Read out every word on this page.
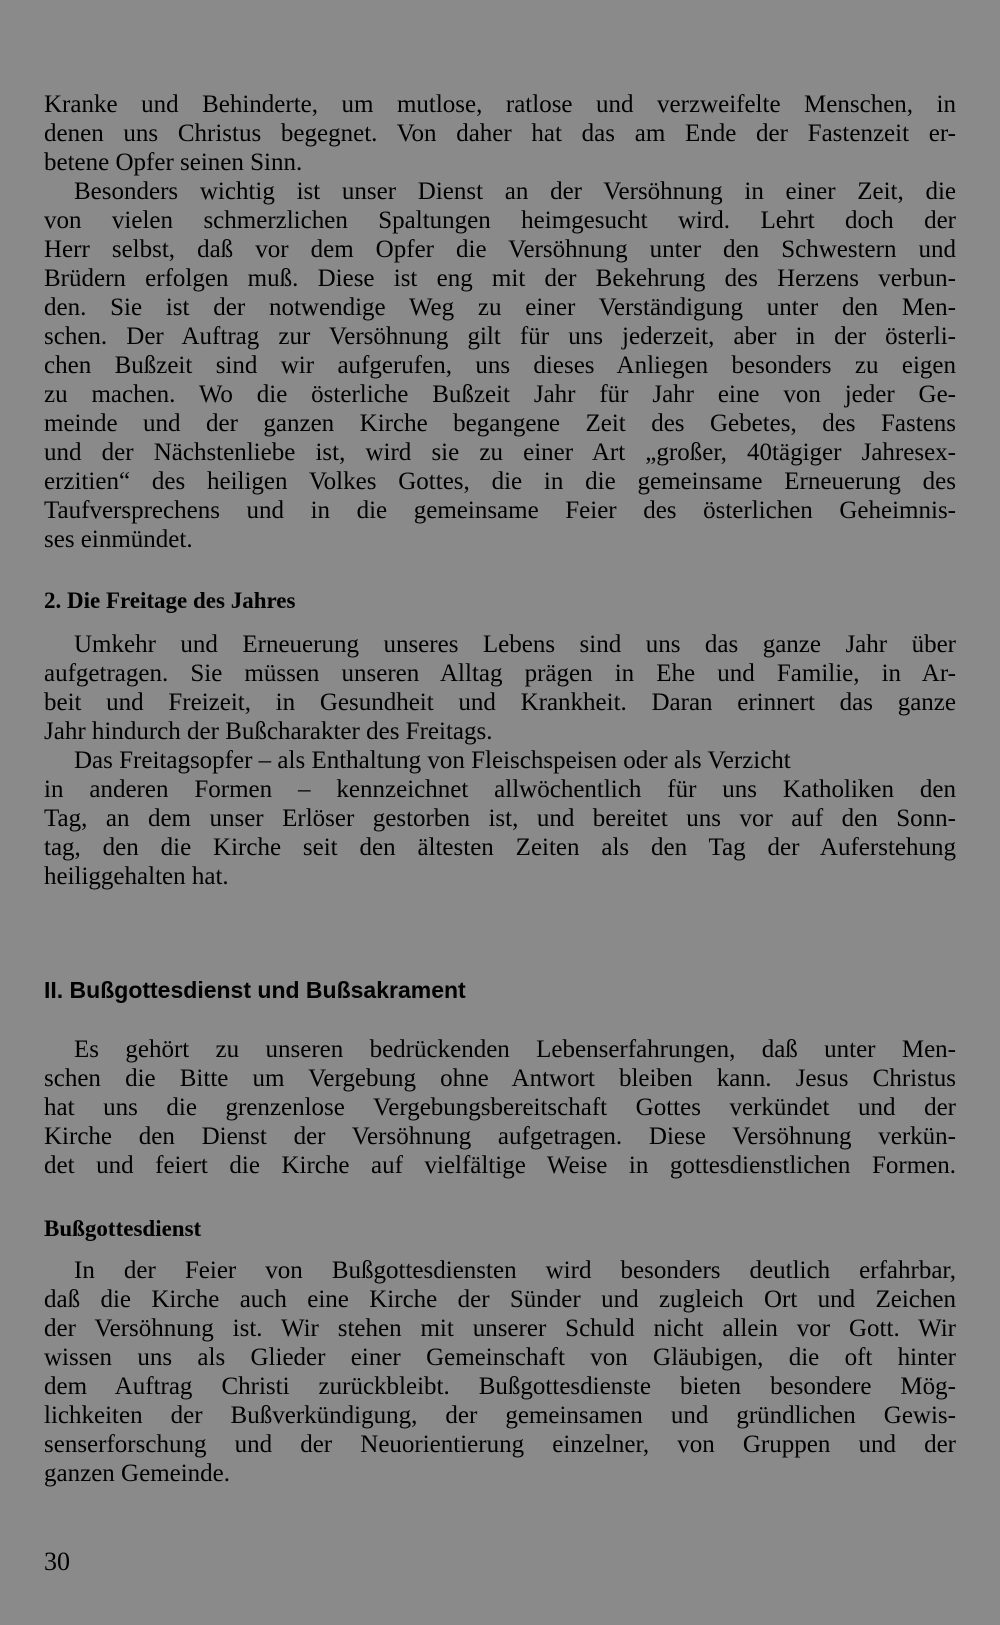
Kranke und Behinderte, um mutlose, ratlose und verzweifelte Menschen, in
denen uns Christus begegnet. Von daher hat das am Ende der Fastenzeit er-
betene Opfer seinen Sinn.
Besonders wichtig ist unser Dienst an der Versöhnung in einer Zeit, die
von vielen schmerzlichen Spaltungen heimgesucht wird. Lehrt doch der
Herr selbst, daß vor dem Opfer die Versöhnung unter den Schwestern und
Brüdern erfolgen muß. Diese ist eng mit der Bekehrung des Herzens verbun-
den. Sie ist der notwendige Weg zu einer Verständigung unter den Men-
schen. Der Auftrag zur Versöhnung gilt für uns jederzeit, aber in der österli-
chen Bußzeit sind wir aufgerufen, uns dieses Anliegen besonders zu eigen
zu machen. Wo die österliche Bußzeit Jahr für Jahr eine von jeder Ge-
meinde und der ganzen Kirche begangene Zeit des Gebetes, des Fastens
und der Nächstenliebe ist, wird sie zu einer Art „großer, 40tägiger Jahresex-
erzitien“ des heiligen Volkes Gottes, die in die gemeinsame Erneuerung des
Taufversprechens und in die gemeinsame Feier des österlichen Geheimnis-
ses einmündet.
2. Die Freitage des Jahres
Umkehr und Erneuerung unseres Lebens sind uns das ganze Jahr über
aufgetragen. Sie müssen unseren Alltag prägen in Ehe und Familie, in Ar-
beit und Freizeit, in Gesundheit und Krankheit. Daran erinnert das ganze
Jahr hindurch der Bußcharakter des Freitags.
Das Freitagsopfer – als Enthaltung von Fleischspeisen oder als Verzicht
in anderen Formen – kennzeichnet allwöchentlich für uns Katholiken den
Tag, an dem unser Erlöser gestorben ist, und bereitet uns vor auf den Sonn-
tag, den die Kirche seit den ältesten Zeiten als den Tag der Auferstehung
heiliggehalten hat.
II. Bußgottesdienst und Bußsakrament
Es gehört zu unseren bedrückenden Lebenserfahrungen, daß unter Men-
schen die Bitte um Vergebung ohne Antwort bleiben kann. Jesus Christus
hat uns die grenzenlose Vergebungsbereitschaft Gottes verkündet und der
Kirche den Dienst der Versöhnung aufgetragen. Diese Versöhnung verkün-
det und feiert die Kirche auf vielfältige Weise in gottesdienstlichen Formen.
Bußgottesdienst
In der Feier von Bußgottesdiensten wird besonders deutlich erfahrbar,
daß die Kirche auch eine Kirche der Sünder und zugleich Ort und Zeichen
der Versöhnung ist. Wir stehen mit unserer Schuld nicht allein vor Gott. Wir
wissen uns als Glieder einer Gemeinschaft von Gläubigen, die oft hinter
dem Auftrag Christi zurückbleibt. Bußgottesdienste bieten besondere Mög-
lichkeiten der Bußverkündigung, der gemeinsamen und gründlichen Gewis-
senserforschung und der Neuorientierung einzelner, von Gruppen und der
ganzen Gemeinde.
30
